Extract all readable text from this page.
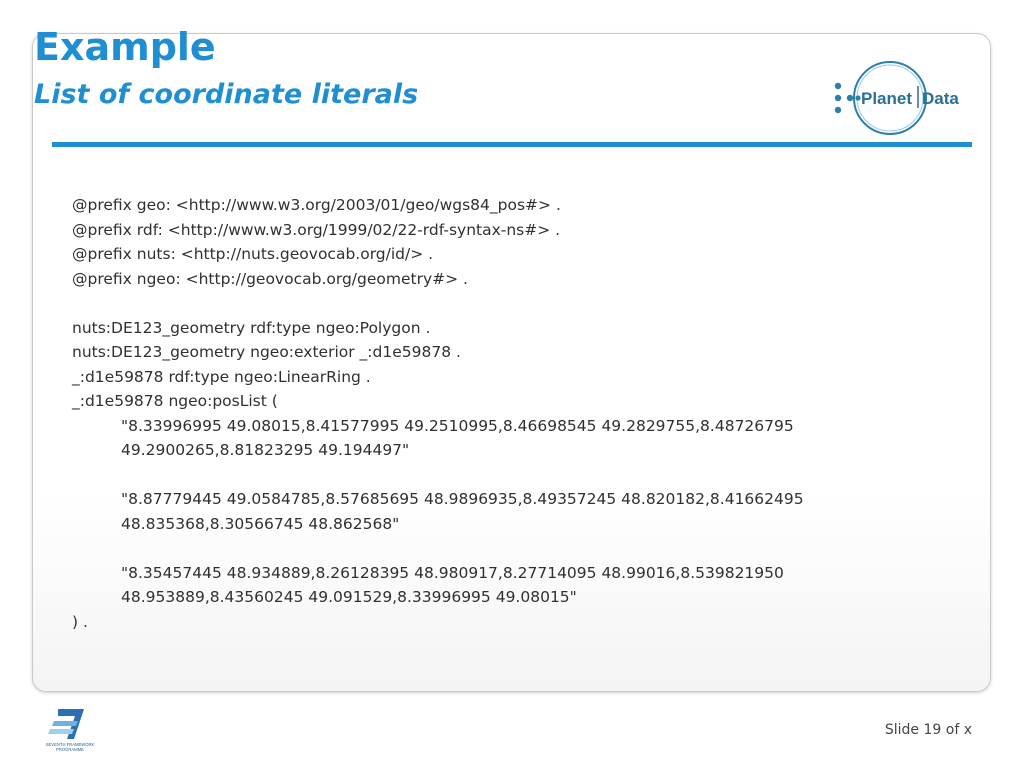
Example
List of coordinate literals	Planet Data
@prefix geo: <http://www.w3.org/2003/01/geo/wgs84_pos#> .
@prefix rdf: <http://www.w3.org/1999/02/22-rdf-syntax-ns#> .
@prefix nuts: <http://nuts.geovocab.org/id/> .
@prefix ngeo: <http://geovocab.org/geometry#> .
nuts:DE123_geometry rdf:type ngeo:Polygon .
nuts:DE123_geometry ngeo:exterior _:d1e59878 .
_:d1e59878 rdf:type ngeo:LinearRing .
_:d1e59878 ngeo:posList (
"8.33996995 49.08015,8.41577995 49.2510995,8.46698545 49.2829755,8.48726795
49.2900265,8.81823295 49.194497"
"8.87779445 49.0584785,8.57685695 48.9896935,8.49357245 48.820182,8.41662495
48.835368,8.30566745 48.862568"
"8.35457445 48.934889,8.26128395 48.980917,8.27714095 48.99016,8.539821950
48.953889,8.43560245 49.091529,8.33996995 49.08015"
) .
SEVENTH FRAMEWORK
PROGRAMME
Slide 19 of x
